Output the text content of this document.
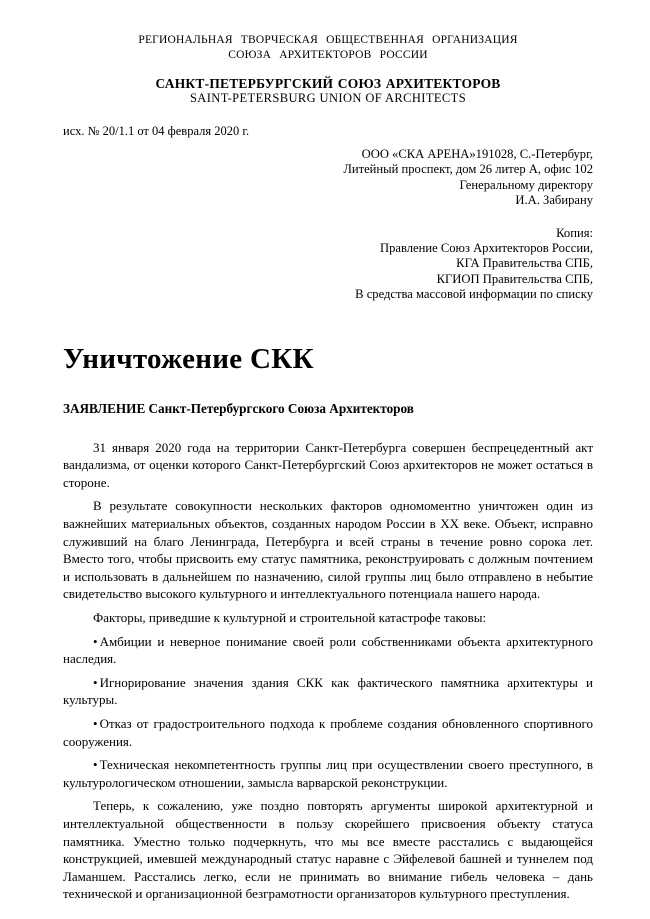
РЕГИОНАЛЬНАЯ ТВОРЧЕСКАЯ ОБЩЕСТВЕННАЯ ОРГАНИЗАЦИЯ
СОЮЗА АРХИТЕКТОРОВ РОССИИ
САНКТ-ПЕТЕРБУРГСКИЙ СОЮЗ АРХИТЕКТОРОВ
SAINT-PETERSBURG UNION OF ARCHITECTS
исх. № 20/1.1 от 04 февраля 2020 г.
ООО «СКА АРЕНА»191028, С.-Петербург,
Литейный проспект, дом 26 литер А, офис 102
Генеральному директору
И.А. Забирану
Копия:
Правление Союз Архитекторов России,
КГА Правительства СПБ,
КГИОП Правительства СПБ,
В средства массовой информации по списку
Уничтожение СКК
ЗАЯВЛЕНИЕ Санкт-Петербургского Союза Архитекторов

31 января 2020 года на территории Санкт-Петербурга совершен беспрецедентный акт вандализма, от оценки которого Санкт-Петербургский Союз архитекторов не может остаться в стороне.

В результате совокупности нескольких факторов одномоментно уничтожен один из важнейших материальных объектов, созданных народом России в XX веке. Объект, исправно служивший на благо Ленинграда, Петербурга и всей страны в течение ровно сорока лет. Вместо того, чтобы присвоить ему статус памятника, реконструировать с должным почтением и использовать в дальнейшем по назначению, силой группы лиц было отправлено в небытие свидетельство высокого культурного и интеллектуального потенциала нашего народа.

Факторы, приведшие к культурной и строительной катастрофе таковы:

• Амбиции и неверное понимание своей роли собственниками объекта архитектурного наследия.

• Игнорирование значения здания СКК как фактического памятника архитектуры и культуры.

• Отказ от градостроительного подхода к проблеме создания обновленного спортивного сооружения.

• Техническая некомпетентность группы лиц при осуществлении своего преступного, в культурологическом отношении, замысла варварской реконструкции.

Теперь, к сожалению, уже поздно повторять аргументы широкой архитектурной и интеллектуальной общественности в пользу скорейшего присвоения объекту статуса памятника. Уместно только подчеркнуть, что мы все вместе расстались с выдающейся конструкцией, имевшей международный статус наравне с Эйфелевой башней и туннелем под Ламаншем. Расстались легко, если не принимать во внимание гибель человека – дань технической и организационной безграмотности организаторов культурного преступления.
